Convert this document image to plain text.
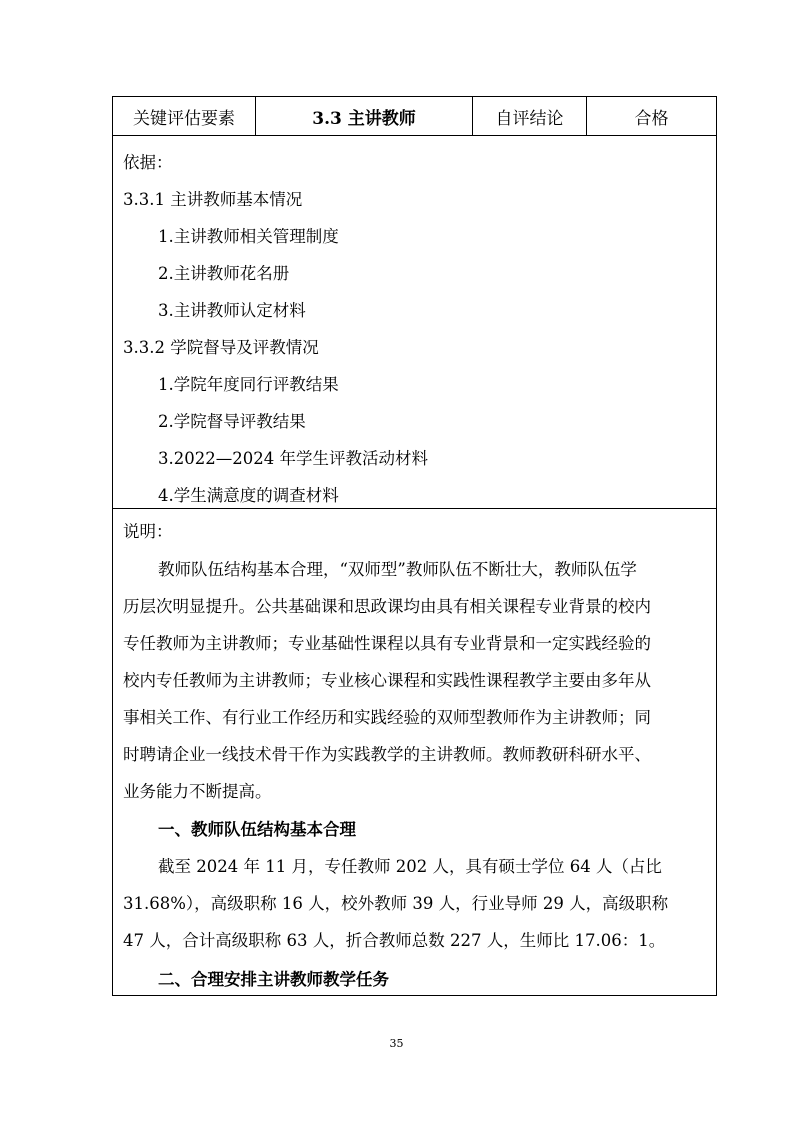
关键评估要素	3.3 主讲教师	自评结论	合格
依据：
3.3.1 主讲教师基本情况
1.主讲教师相关管理制度
2.主讲教师花名册
3.主讲教师认定材料
3.3.2 学院督导及评教情况
1.学院年度同行评教结果
2.学院督导评教结果
3.2022—2024 年学生评教活动材料
4.学生满意度的调查材料
说明：
教师队伍结构基本合理，“双师型”教师队伍不断壮大，教师队伍学
历层次明显提升。公共基础课和思政课均由具有相关课程专业背景的校内
专任教师为主讲教师；专业基础性课程以具有专业背景和一定实践经验的
校内专任教师为主讲教师；专业核心课程和实践性课程教学主要由多年从
事相关工作、有行业工作经历和实践经验的双师型教师作为主讲教师；同
时聘请企业一线技术骨干作为实践教学的主讲教师。教师教研科研水平、
业务能力不断提高。
一、教师队伍结构基本合理
截至 2024 年 11 月，专任教师 202 人，具有硕士学位 64 人（占比
31.68%），高级职称 16 人，校外教师 39 人，行业导师 29 人，高级职称
47 人，合计高级职称 63 人，折合教师总数 227 人，生师比 17.06：1。
二、合理安排主讲教师教学任务
35
